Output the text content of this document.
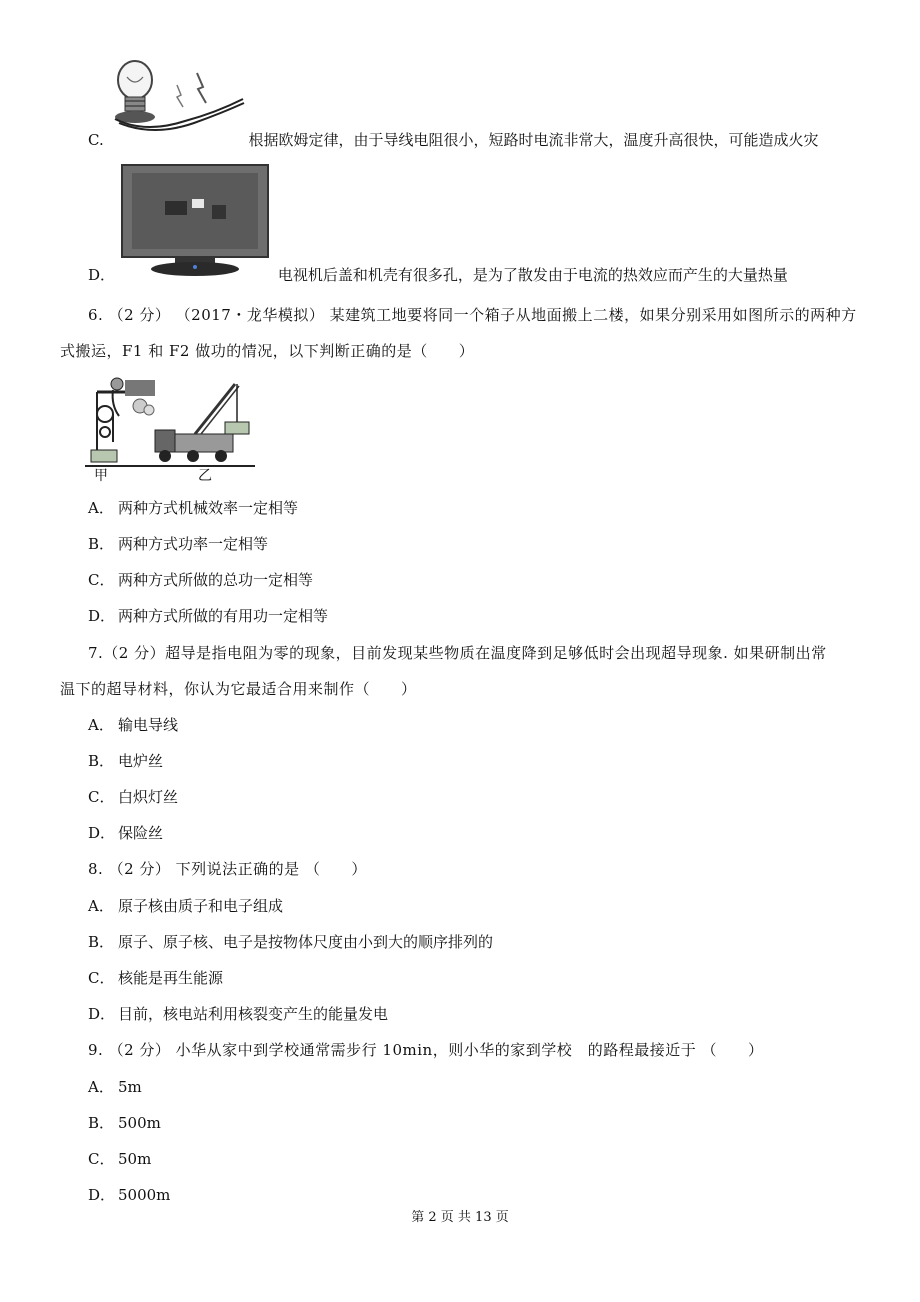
C.	根据欧姆定律，由于导线电阻很小，短路时电流非常大，温度升高很快，可能造成火灾
D．	电视机后盖和机壳有很多孔，是为了散发由于电流的热效应而产生的大量热量
6. （2 分） （2017・龙华模拟） 某建筑工地要将同一个箱子从地面搬上二楼，如果分别采用如图所示的两种方
式搬运，F1 和 F2 做功的情况，以下判断正确的是（　　）
甲	乙
A． 两种方式机械效率一定相等
B． 两种方式功率一定相等
C． 两种方式所做的总功一定相等
D． 两种方式所做的有用功一定相等
7.（2 分）超导是指电阻为零的现象，目前发现某些物质在温度降到足够低时会出现超导现象. 如果研制出常
温下的超导材料，你认为它最适合用来制作（　　）
A． 输电导线
B． 电炉丝
C． 白炽灯丝
D． 保险丝
8. （2 分） 下列说法正确的是 （　　）
A． 原子核由质子和电子组成
B． 原子、原子核、电子是按物体尺度由小到大的顺序排列的
C． 核能是再生能源
D． 目前，核电站利用核裂变产生的能量发电
9. （2 分） 小华从家中到学校通常需步行 10min，则小华的家到学校　的路程最接近于 （　　）
A． 5m
B． 500m
C． 50m
D． 5000m
第 2 页 共 13 页
